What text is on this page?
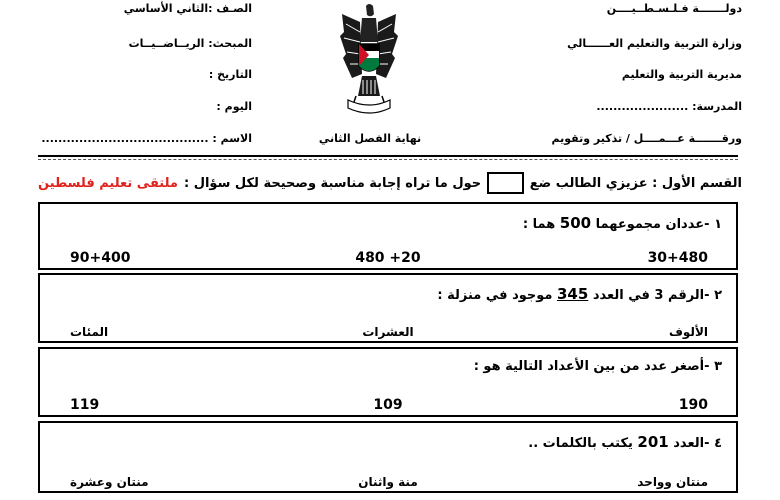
دولـــــــة فـلـسـطــيــــن
وزارة التربية والتعليم العــــــالي
مديرية التربية والتعليم
المدرسة: ......................
ورقـــــــة عـــمــــل / تذكير وتقويم
الصـف :الثاني الأساسي
المبحث: الريــاضــيــات
التاريخ :
اليوم :
الاسم : ........................................	نهاية الفصل الثاني
القسم الأول : عزيزي الطالب ضع
حول ما تراه إجابة مناسبة وصحيحة لكل سؤال :
ملتقى تعليم فلسطين
١ -عددان مجموعهما 500 هما :
30+480
20+ 480
90+400
٢ -الرقم 3 في العدد 345 موجود في منزلة :
الألوف
العشرات
المئات
٣ -أصغر عدد من بين الأعداد التالية هو :
190
109
119
٤ -العدد 201 يكتب بالكلمات ..
منتان وواحد
منة واثنان
منتان وعشرة
